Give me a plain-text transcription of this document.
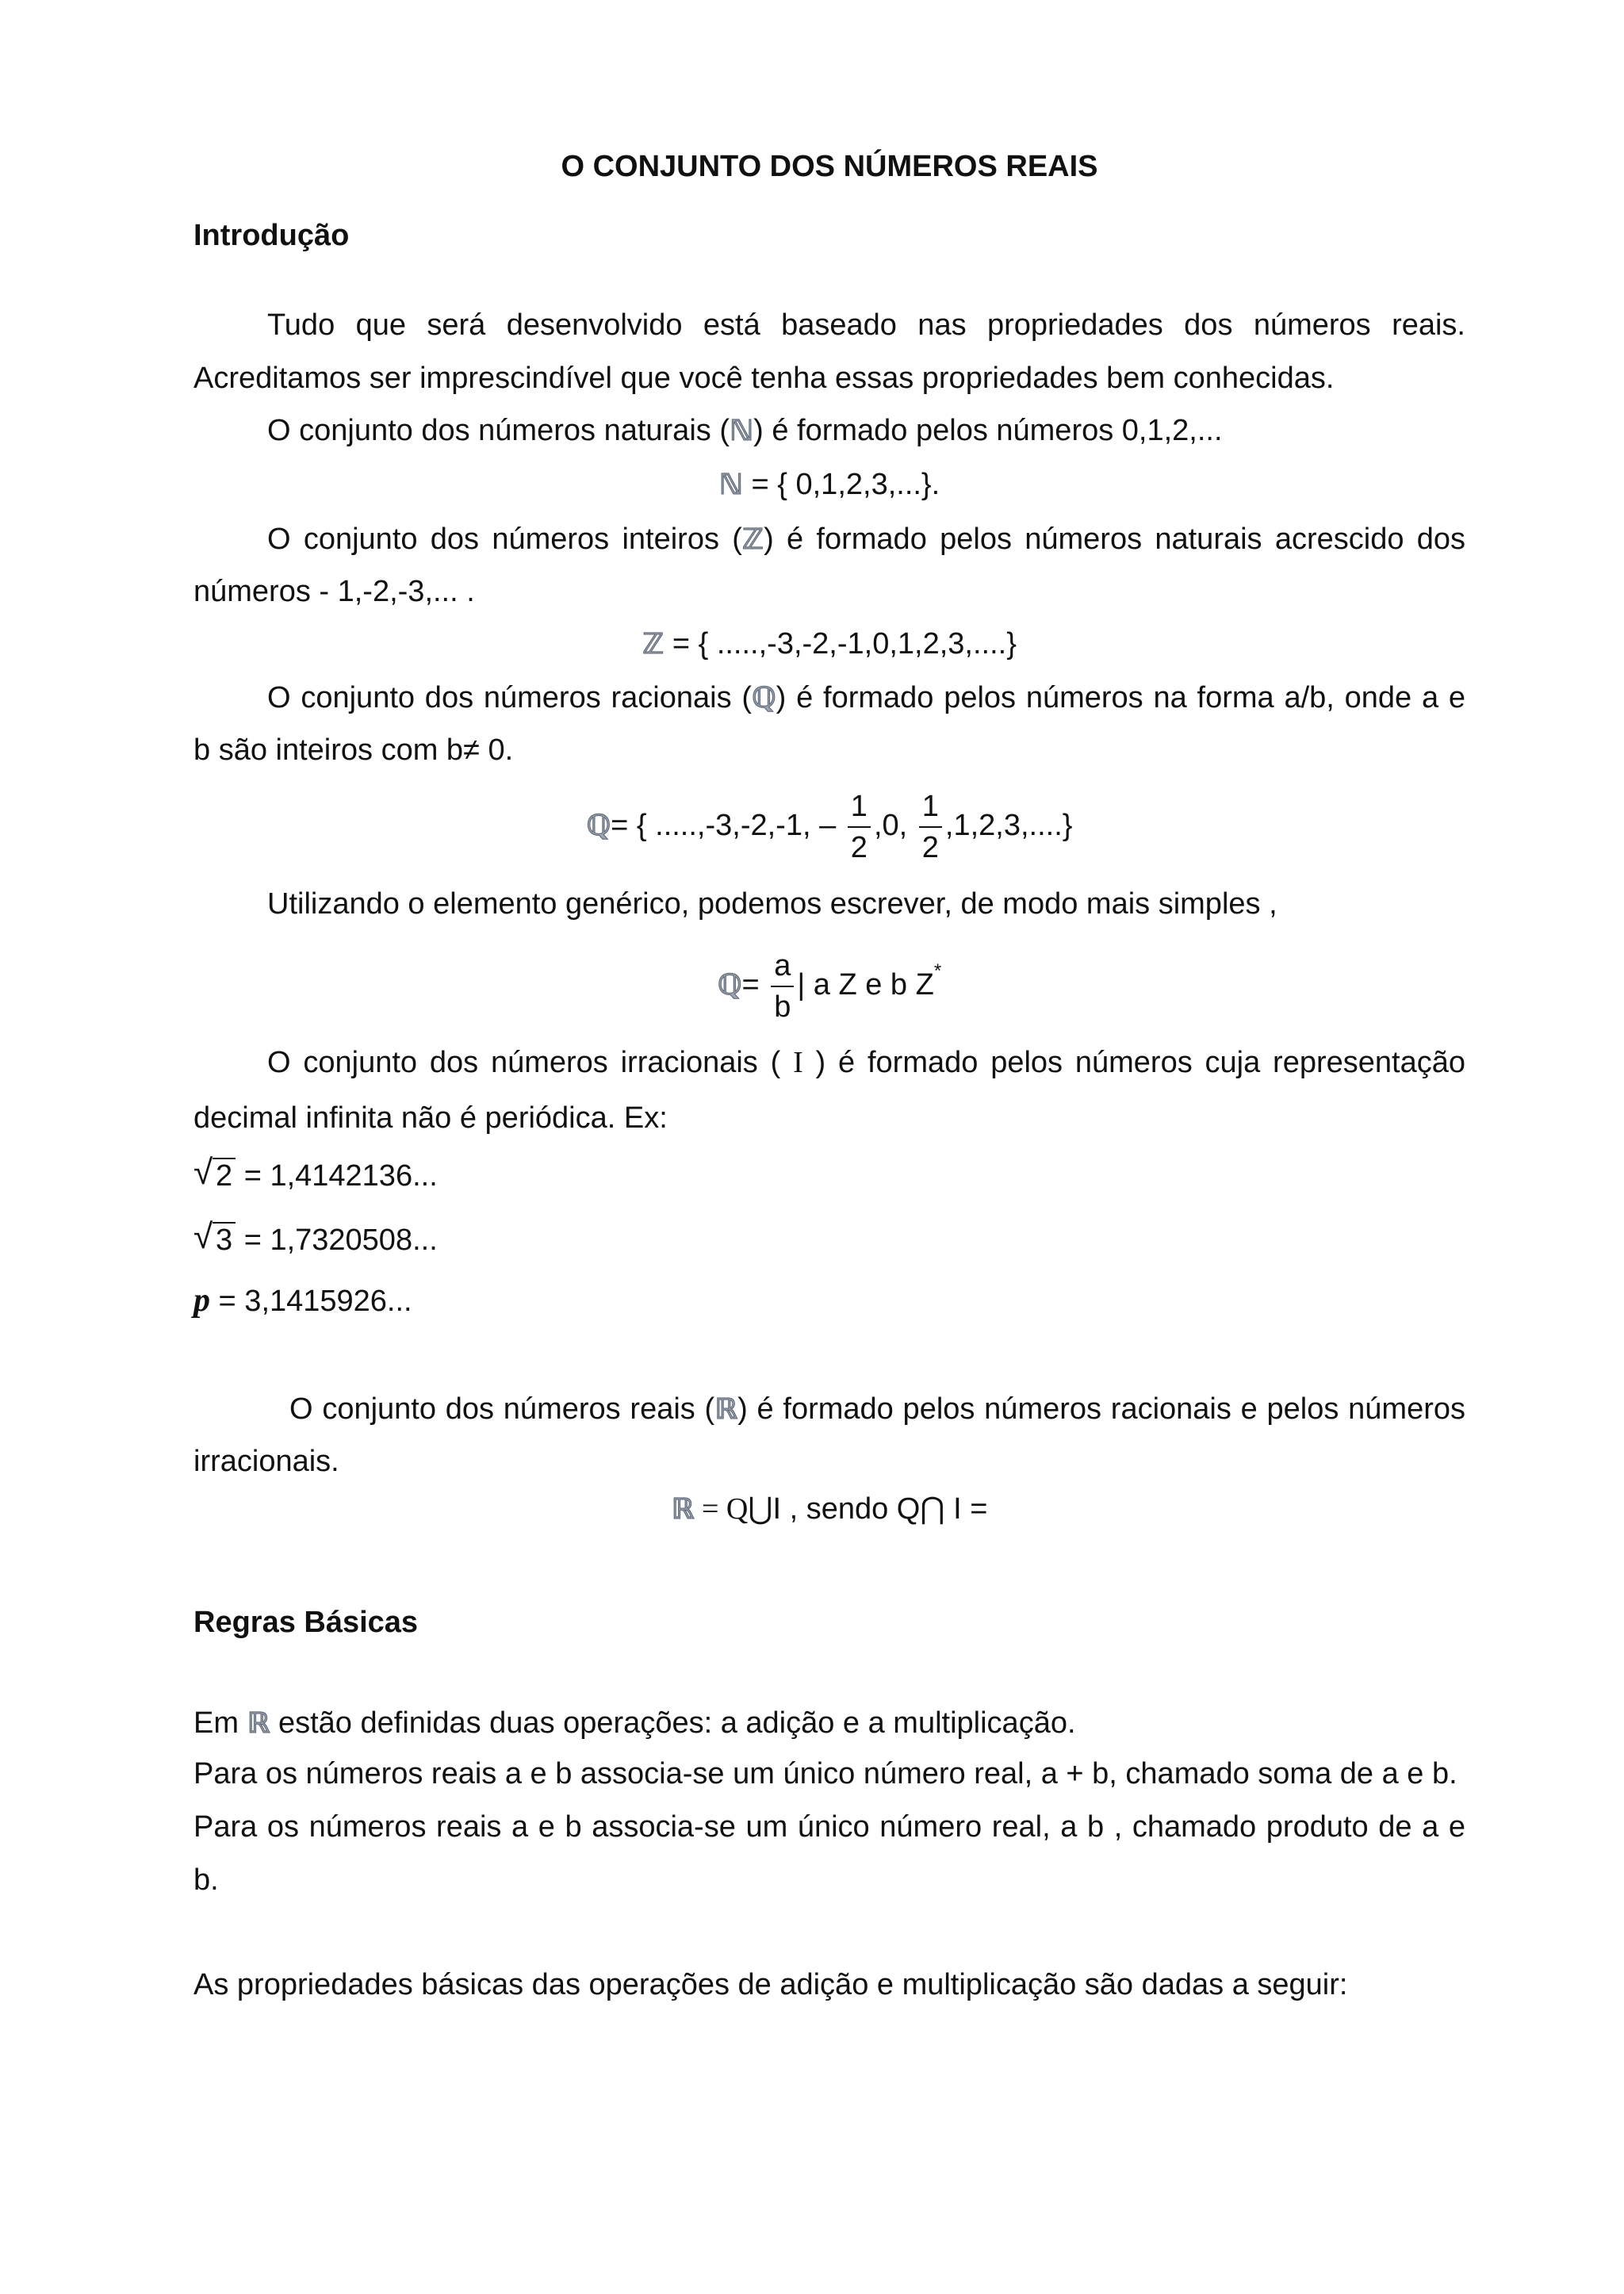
O CONJUNTO DOS NÚMEROS REAIS
Introdução
Tudo que será desenvolvido está baseado nas propriedades dos números reais.
Acreditamos ser imprescindível que você tenha essas propriedades bem conhecidas.
O conjunto dos números naturais (ℕ) é formado pelos números 0,1,2,...
ℕ = { 0,1,2,3,...}.
O conjunto dos números inteiros (ℤ) é formado pelos números naturais acrescido dos
números - 1,-2,-3,... .
ℤ = { .....,-3,-2,-1,0,1,2,3,....}
O conjunto dos números racionais (ℚ) é formado pelos números na forma a/b, onde a e
b são inteiros com b≠ 0.
ℚ= { .....,-3,-2,-1, – $\frac{1}{2} ,0$, $\frac{1}{2} ,1,2,3$,....}
Utilizando o elemento genérico, podemos escrever, de modo mais simples ,
ℚ= $\frac{a}{b}$ | a Z e b Z*
O conjunto dos números irracionais ( I ) é formado pelos números cuja representação
decimal infinita não é periódica. Ex:
√ 2 = 1,4142136...
√ 3 = 1,7320508...
p = 3,1415926...
O conjunto dos números reais (ℝ) é formado pelos números racionais e pelos números
irracionais.
ℝ = Q⋃I , sendo Q⋂ I =
Regras Básicas
Em ℝ estão definidas duas operações: a adição e a multiplicação.
Para os números reais a e b associa-se um único número real, a + b, chamado soma de a e b.
Para os números reais a e b associa-se um único número real, a b , chamado produto de a e
b.
As propriedades básicas das operações de adição e multiplicação são dadas a seguir:
